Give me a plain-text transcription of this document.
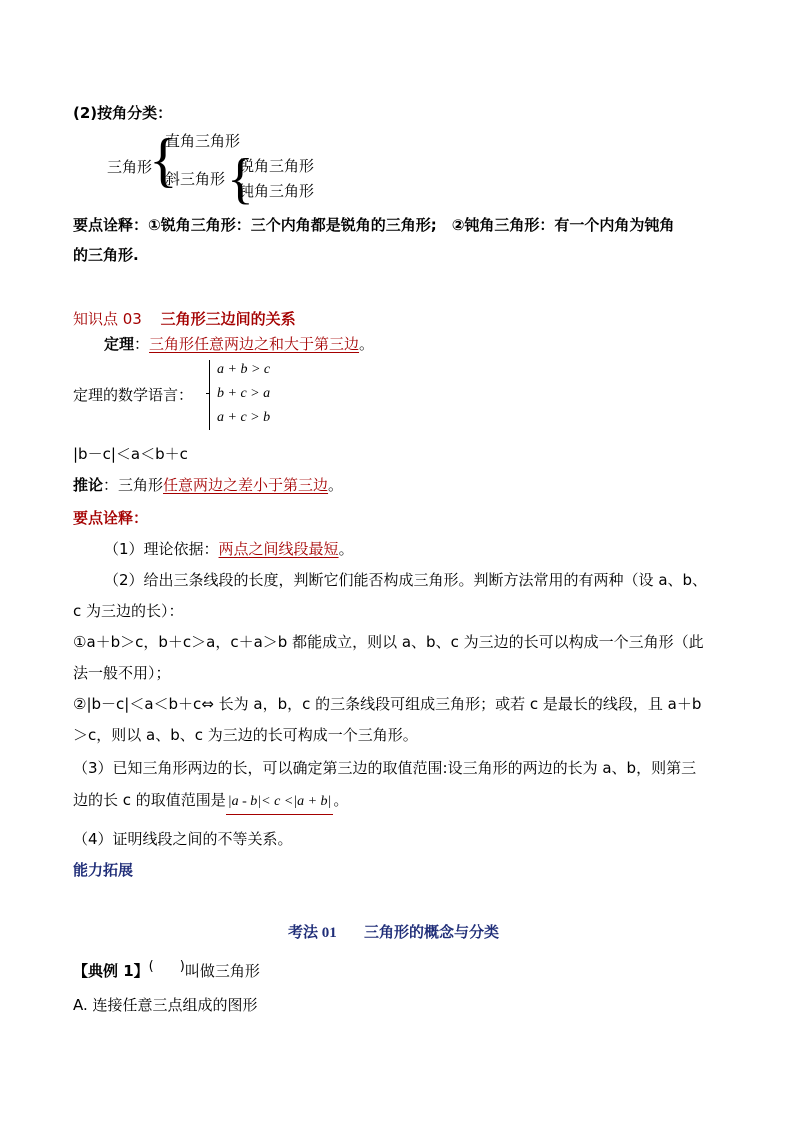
(2)按角分类：
三角形
{
直角三角形
斜三角形 {
锐角三角形
钝角三角形
要点诠释：①锐角三角形：三个内角都是锐角的三角形;　②钝角三角形：有一个内角为钝角
的三角形.
知识点 03 三角形三边间的关系
定理：三角形任意两边之和大于第三边。
定理的数学语言：
a + b > c
b + c > a
a + c > b
|b－c|＜a＜b＋c
推论：三角形任意两边之差小于第三边。
要点诠释：
（1）理论依据：两点之间线段最短。
（2）给出三条线段的长度，判断它们能否构成三角形。判断方法常用的有两种（设 a、b、
c 为三边的长）：
①a＋b＞c，b＋c＞a，c＋a＞b 都能成立，则以 a、b、c 为三边的长可以构成一个三角形（此
法一般不用）；
②|b－c|＜a＜b＋c⇔ 长为 a，b，c 的三条线段可组成三角形；或若 c 是最长的线段，且 a＋b
＞c，则以 a、b、c 为三边的长可构成一个三角形。
（3）已知三角形两边的长，可以确定第三边的取值范围:设三角形的两边的长为 a、b，则第三
边的长 c 的取值范围是 |a - b|< c <|a + b| 。
（4）证明线段之间的不等关系。
能力拓展
考法 01 三角形的概念与分类
【典例 1】(　　)叫做三角形
A. 连接任意三点组成的图形
